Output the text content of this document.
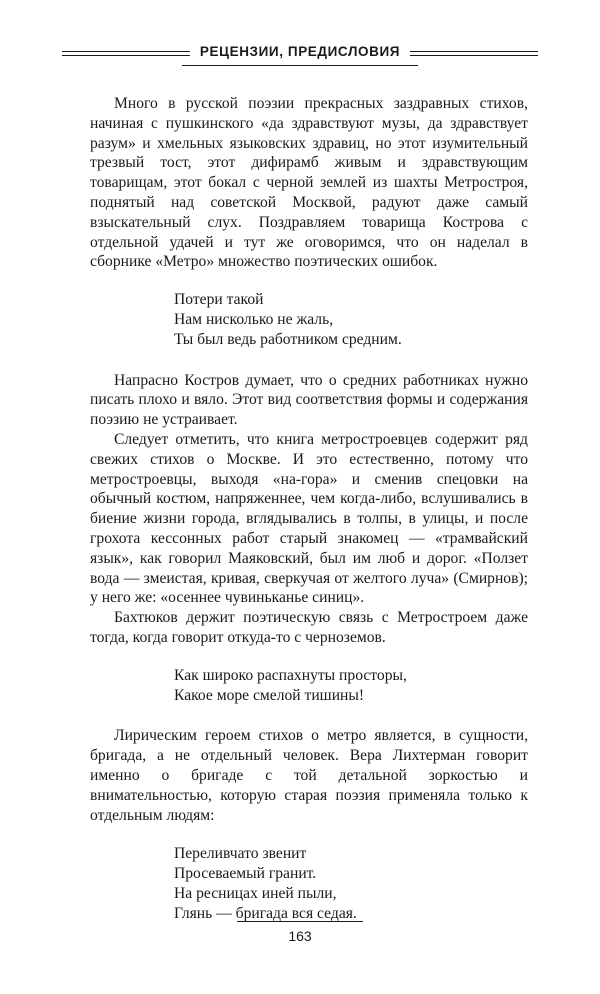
РЕЦЕНЗИИ, ПРЕДИСЛОВИЯ

Много в русской поэзии прекрасных заздравных стихов, начиная с пушкинского «да здравствуют музы, да здравствует разум» и хмельных языковских здравиц, но этот изумительный трезвый тост, этот дифирамб живым и здравствующим товарищам, этот бокал с черной землей из шахты Метростроя, поднятый над советской Москвой, радуют даже самый взыскательный слух. Поздравляем товарища Кострова с отдельной удачей и тут же оговоримся, что он наделал в сборнике «Метро» множество поэтических ошибок.

Потери такой
Нам нисколько не жаль,
Ты был ведь работником средним.

Напрасно Костров думает, что о средних работниках нужно писать плохо и вяло. Этот вид соответствия формы и содержания поэзию не устраивает.

Следует отметить, что книга метростроевцев содержит ряд свежих стихов о Москве. И это естественно, потому что метростроевцы, выходя «на-гора» и сменив спецовки на обычный костюм, напряженнее, чем когда-либо, вслушивались в биение жизни города, вглядывались в толпы, в улицы, и после грохота кессонных работ старый знакомец — «трамвайский язык», как говорил Маяковский, был им люб и дорог. «Ползет вода — змеистая, кривая, сверкучая от желтого луча» (Смирнов); у него же: «осеннее чувиньканье синиц».

Бахтюков держит поэтическую связь с Метростроем даже тогда, когда говорит откуда-то с черноземов.

Как широко распахнуты просторы,
Какое море смелой тишины!

Лирическим героем стихов о метро является, в сущности, бригада, а не отдельный человек. Вера Лихтерман говорит именно о бригаде с той детальной зоркостью и внимательностью, которую старая поэзия применяла только к отдельным людям:

Переливчато звенит
Просеваемый гранит.
На ресницах иней пыли,
Глянь — бригада вся седая.
163
